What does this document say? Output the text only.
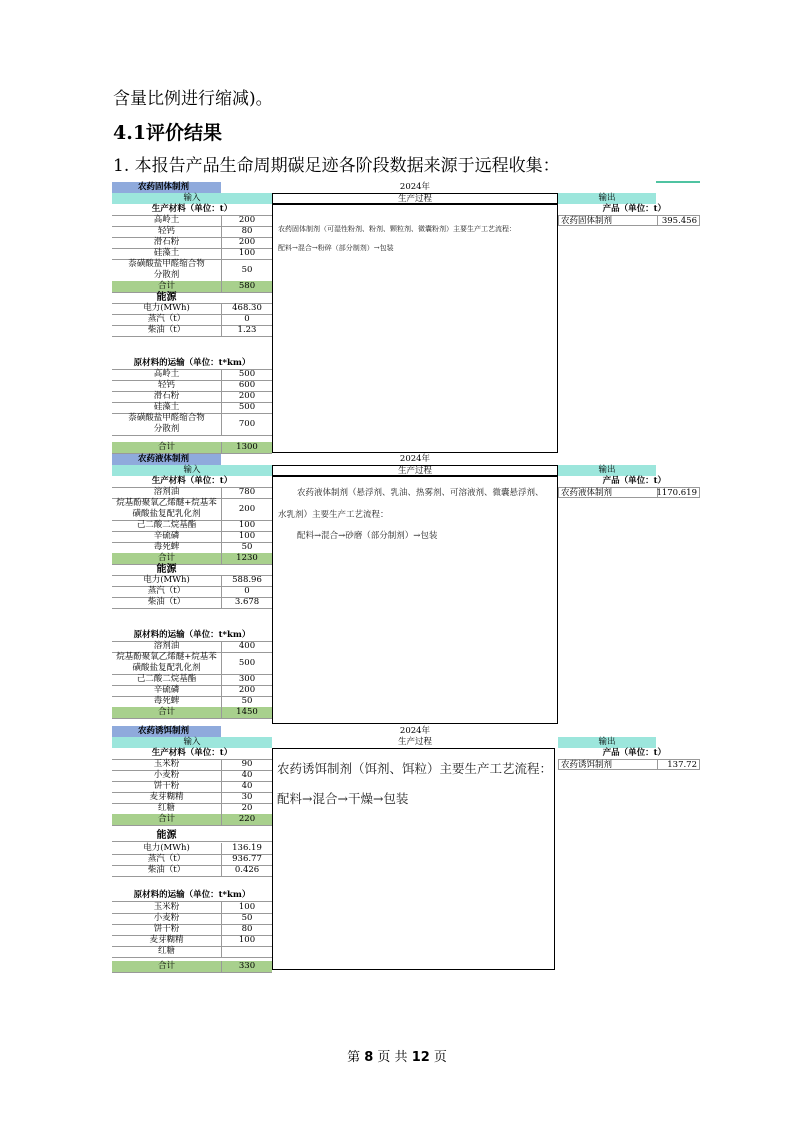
含量比例进行缩减)。
4.1评价结果
1. 本报告产品生命周期碳足迹各阶段数据来源于远程收集：
农药固体制剂	2024年
输入	生产过程	输出
生产材料（单位：t）
高岭土	200
轻钙	80
滑石粉	200
硅藻土	100
萘磺酸盐甲醛缩合物分散剂	50
合计	580
能源
电力(MWh)	468.30
蒸汽（t）	0
柴油（t）	1.23
原材料的运输（单位：t*km）
高岭土	500
轻钙	600
滑石粉	200
硅藻土	500
萘磺酸盐甲醛缩合物分散剂	700
合计	1300
农药固体制剂（可湿性粉剂、粉剂、颗粒剂、微囊粉剂）主要生产工艺流程：
配料→混合→粉碎（部分制剂）→包装
产品（单位：t）
农药固体制剂	395.456
农药液体制剂	2024年
输入	生产过程	输出
生产材料（单位：t）
溶剂油	780
烷基酚聚氧乙烯醚+烷基苯磺酸盐复配乳化剂	200
己二酸二烷基酯	100
辛硫磷	100
毒死蜱	50
合计	1230
能源
电力(MWh)	588.96
蒸汽（t）	0
柴油（t）	3.678
原材料的运输（单位：t*km）
溶剂油	400
烷基酚聚氧乙烯醚+烷基苯磺酸盐复配乳化剂	500
己二酸二烷基酯	300
辛硫磷	200
毒死蜱	50
合计	1450
农药液体制剂（悬浮剂、乳油、热雾剂、可溶液剂、微囊悬浮剂、
水乳剂）主要生产工艺流程：
配料→混合→砂磨（部分制剂）→包装
产品（单位：t）
农药液体制剂	1170.619
农药诱饵制剂	2024年
输入	生产过程	输出
生产材料（单位：t）
玉米粉	90
小麦粉	40
饼干粉	40
麦芽糊精	30
红糖	20
合计	220
能源
电力(MWh)	136.19
蒸汽（t）	936.77
柴油（t）	0.426
原材料的运输（单位：t*km）
玉米粉	100
小麦粉	50
饼干粉	80
麦芽糊精	100
红糖
合计	330
农药诱饵制剂（饵剂、饵粒）主要生产工艺流程：
配料→混合→干燥→包装
产品（单位：t）
农药诱饵制剂	137.72
第 8 页 共 12 页
